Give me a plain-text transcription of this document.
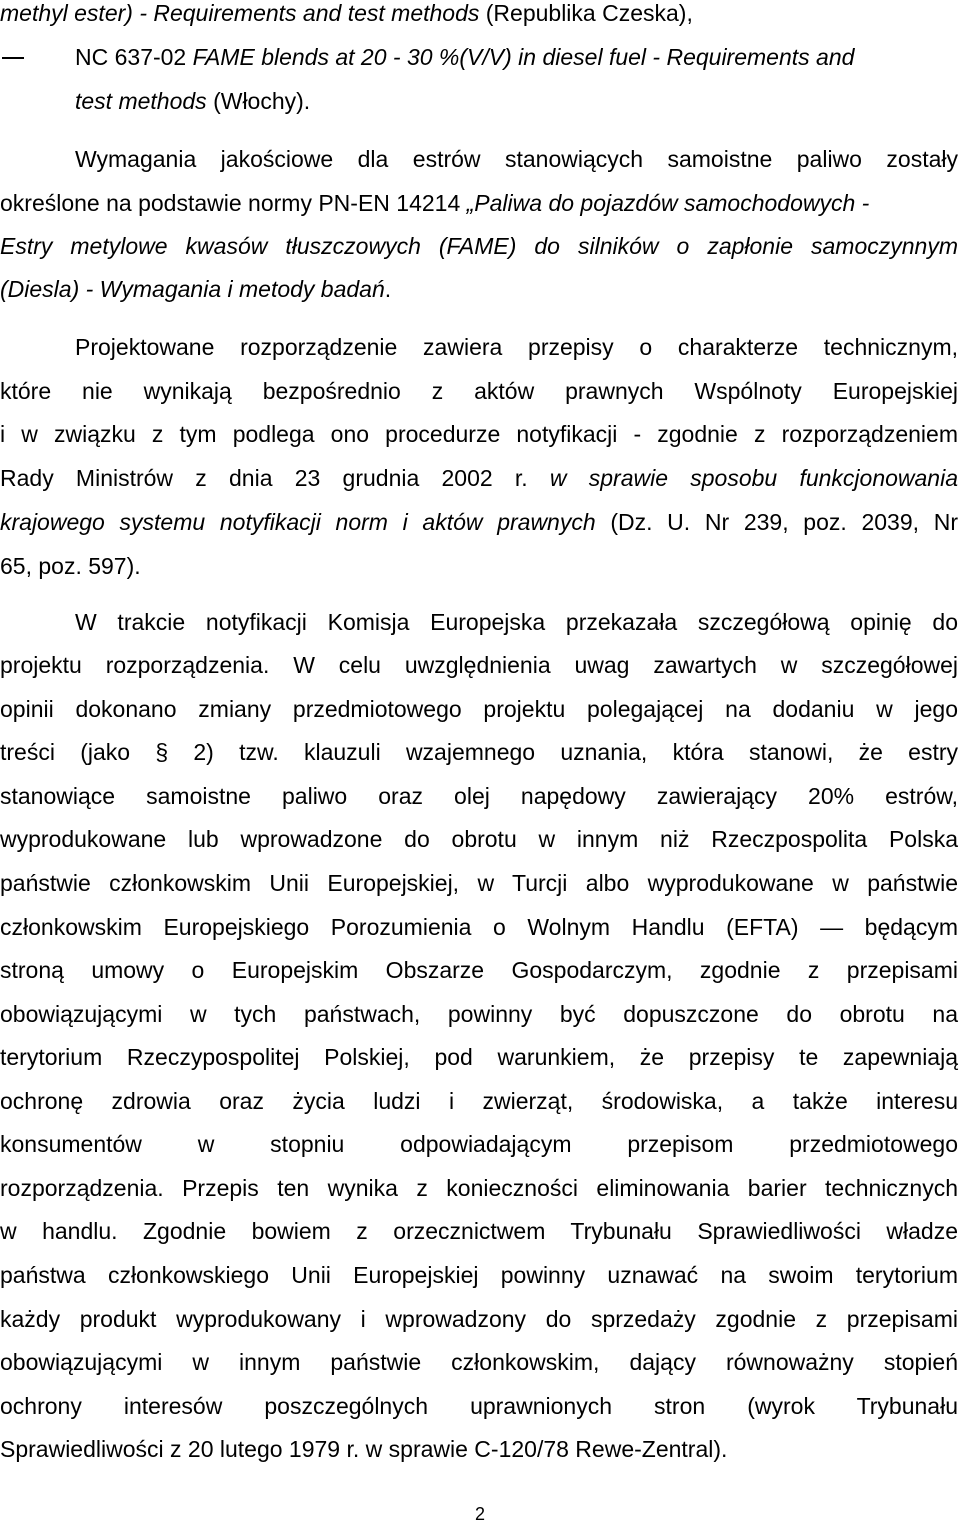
methyl ester) - Requirements and test methods (Republika Czeska),
NC 637-02 FAME blends at 20 - 30 %(V/V) in diesel fuel - Requirements and
test methods (Włochy).
Wymagania jakościowe dla estrów stanowiących samoistne paliwo zostały
określone na podstawie normy PN-EN 14214 „Paliwa do pojazdów samochodowych -
Estry metylowe kwasów tłuszczowych (FAME) do silników o zapłonie samoczynnym
(Diesla) - Wymagania i metody badań.
Projektowane rozporządzenie zawiera przepisy o charakterze technicznym,
które nie wynikają bezpośrednio z aktów prawnych Wspólnoty Europejskiej
i w związku z tym podlega ono procedurze notyfikacji - zgodnie z rozporządzeniem
Rady Ministrów z dnia 23 grudnia 2002 r. w sprawie sposobu funkcjonowania
krajowego systemu notyfikacji norm i aktów prawnych (Dz. U. Nr 239, poz. 2039, Nr
65, poz. 597).
W trakcie notyfikacji Komisja Europejska przekazała szczegółową opinię do
projektu rozporządzenia. W celu uwzględnienia uwag zawartych w szczegółowej
opinii dokonano zmiany przedmiotowego projektu polegającej na dodaniu w jego
treści (jako § 2) tzw. klauzuli wzajemnego uznania, która stanowi, że estry
stanowiące samoistne paliwo oraz olej napędowy zawierający 20% estrów,
wyprodukowane lub wprowadzone do obrotu w innym niż Rzeczpospolita Polska
państwie członkowskim Unii Europejskiej, w Turcji albo wyprodukowane w państwie
członkowskim Europejskiego Porozumienia o Wolnym Handlu (EFTA) — będącym
stroną umowy o Europejskim Obszarze Gospodarczym, zgodnie z przepisami
obowiązującymi w tych państwach, powinny być dopuszczone do obrotu na
terytorium Rzeczypospolitej Polskiej, pod warunkiem, że przepisy te zapewniają
ochronę zdrowia oraz życia ludzi i zwierząt, środowiska, a także interesu
konsumentów w stopniu odpowiadającym przepisom przedmiotowego
rozporządzenia. Przepis ten wynika z konieczności eliminowania barier technicznych
w handlu. Zgodnie bowiem z orzecznictwem Trybunału Sprawiedliwości władze
państwa członkowskiego Unii Europejskiej powinny uznawać na swoim terytorium
każdy produkt wyprodukowany i wprowadzony do sprzedaży zgodnie z przepisami
obowiązującymi w innym państwie członkowskim, dający równoważny stopień
ochrony interesów poszczególnych uprawnionych stron (wyrok Trybunału
Sprawiedliwości z 20 lutego 1979 r. w sprawie C-120/78 Rewe-Zentral).
2
